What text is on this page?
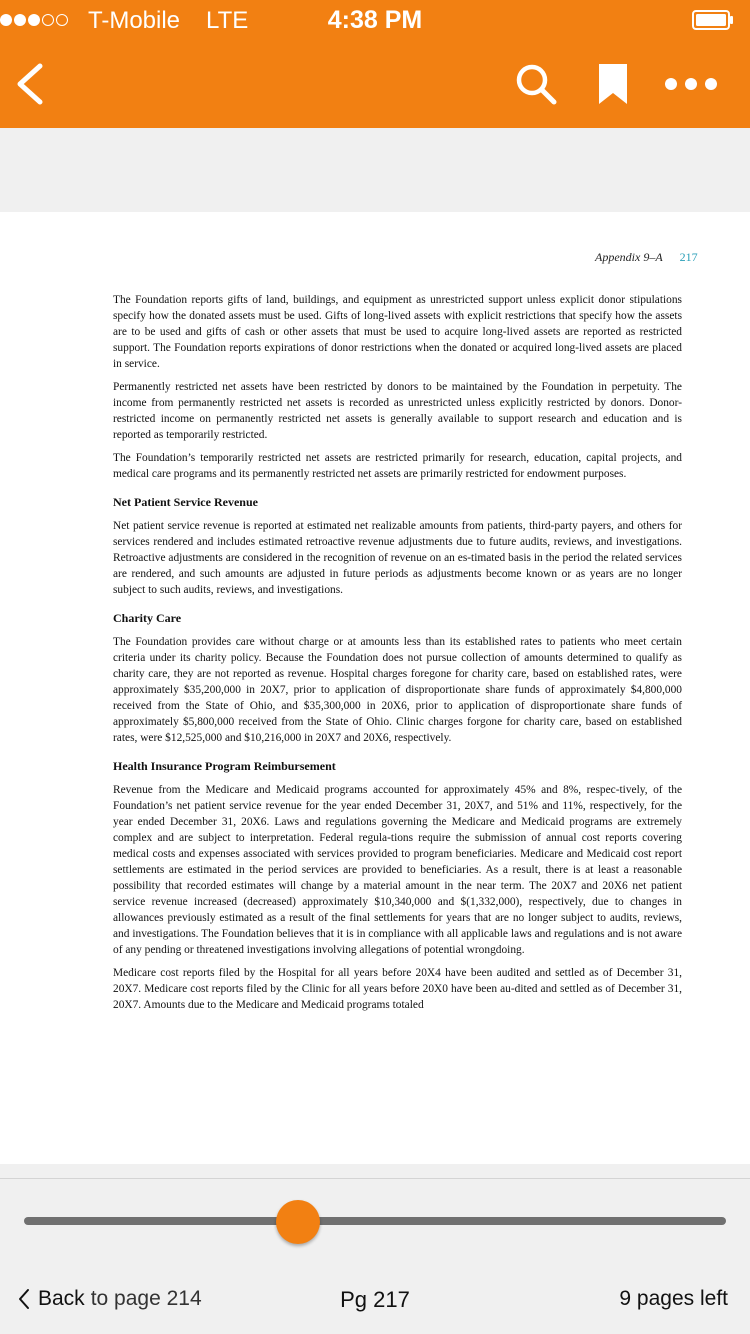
T-Mobile LTE	4:38 PM
Appendix 9–A 217

The Foundation reports gifts of land, buildings, and equipment as unrestricted support unless explicit donor stipulations specify how the donated assets must be used. Gifts of long-lived assets with explicit restrictions that specify how the assets are to be used and gifts of cash or other assets that must be used to acquire long-lived assets are reported as restricted support. The Foundation reports expirations of donor restrictions when the donated or acquired long-lived assets are placed in service.

Permanently restricted net assets have been restricted by donors to be maintained by the Foundation in perpetuity. The income from permanently restricted net assets is recorded as unrestricted unless explicitly restricted by donors. Donor-restricted income on permanently restricted net assets is generally available to support research and education and is reported as temporarily restricted.

The Foundation’s temporarily restricted net assets are restricted primarily for research, education, capital projects, and medical care programs and its permanently restricted net assets are primarily restricted for endowment purposes.

Net Patient Service Revenue

Net patient service revenue is reported at estimated net realizable amounts from patients, third-party payers, and others for services rendered and includes estimated retroactive revenue adjustments due to future audits, reviews, and investigations. Retroactive adjustments are considered in the recognition of revenue on an es-timated basis in the period the related services are rendered, and such amounts are adjusted in future periods as adjustments become known or as years are no longer subject to such audits, reviews, and investigations.

Charity Care

The Foundation provides care without charge or at amounts less than its established rates to patients who meet certain criteria under its charity policy. Because the Foundation does not pursue collection of amounts determined to qualify as charity care, they are not reported as revenue. Hospital charges foregone for charity care, based on established rates, were approximately $35,200,000 in 20X7, prior to application of disproportionate share funds of approximately $4,800,000 received from the State of Ohio, and $35,300,000 in 20X6, prior to application of disproportionate share funds of approximately $5,800,000 received from the State of Ohio. Clinic charges forgone for charity care, based on established rates, were $12,525,000 and $10,216,000 in 20X7 and 20X6, respectively.

Health Insurance Program Reimbursement

Revenue from the Medicare and Medicaid programs accounted for approximately 45% and 8%, respec-tively, of the Foundation’s net patient service revenue for the year ended December 31, 20X7, and 51% and 11%, respectively, for the year ended December 31, 20X6. Laws and regulations governing the Medicare and Medicaid programs are extremely complex and are subject to interpretation. Federal regula-tions require the submission of annual cost reports covering medical costs and expenses associated with services provided to program beneficiaries. Medicare and Medicaid cost report settlements are estimated in the period services are provided to beneficiaries. As a result, there is at least a reasonable possibility that recorded estimates will change by a material amount in the near term. The 20X7 and 20X6 net patient service revenue increased (decreased) approximately $10,340,000 and $(1,332,000), respectively, due to changes in allowances previously estimated as a result of the final settlements for years that are no longer subject to audits, reviews, and investigations. The Foundation believes that it is in compliance with all applicable laws and regulations and is not aware of any pending or threatened investigations involving allegations of potential wrongdoing.

Medicare cost reports filed by the Hospital for all years before 20X4 have been audited and settled as of December 31, 20X7. Medicare cost reports filed by the Clinic for all years before 20X0 have been au-dited and settled as of December 31, 20X7. Amounts due to the Medicare and Medicaid programs totaled

Back to page 214	Pg 217	9 pages left
